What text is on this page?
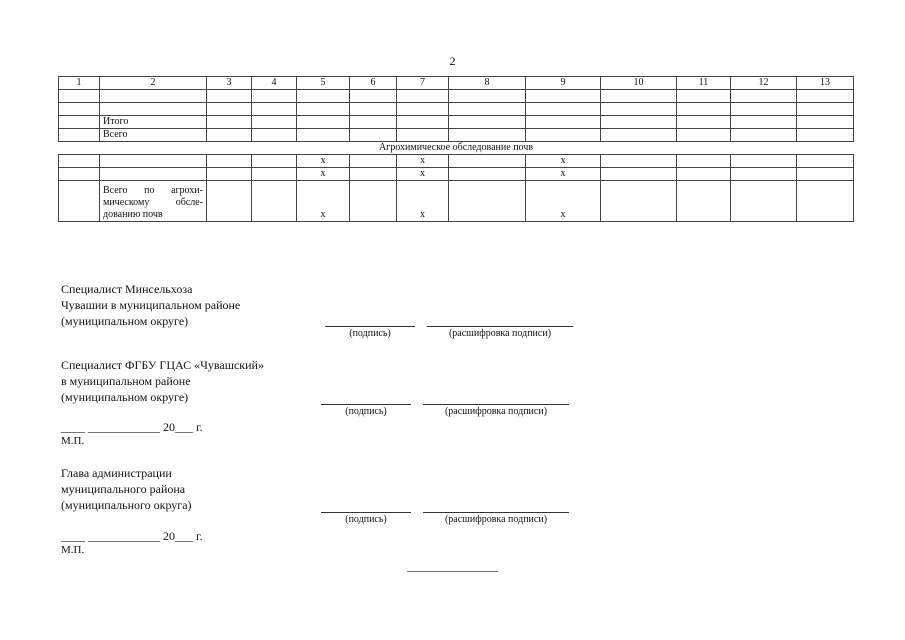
2
1	2	3	4	5	6	7	8	9	10	11	12	13

	Итого											
	Всего											
Агрохимическое обследование почв												
				х		х		х				
				х		х		х				

	Всего по агрохи-
мическому обсле-
дованию почв			х		х		х				
Специалист Минсельхоза
Чувашии в муниципальном районе
(муниципальном округе)
(подпись)	(расшифровка подписи)
Специалист ФГБУ ГЦАС «Чувашский»
в муниципальном районе
(муниципальном округе)
(подпись)	(расшифровка подписи)
____ ____________ 20___ г.
М.П.
Глава администрации
муниципального района
(муниципального округа)
(подпись)	(расшифровка подписи)
____ ____________ 20___ г.
М.П.
